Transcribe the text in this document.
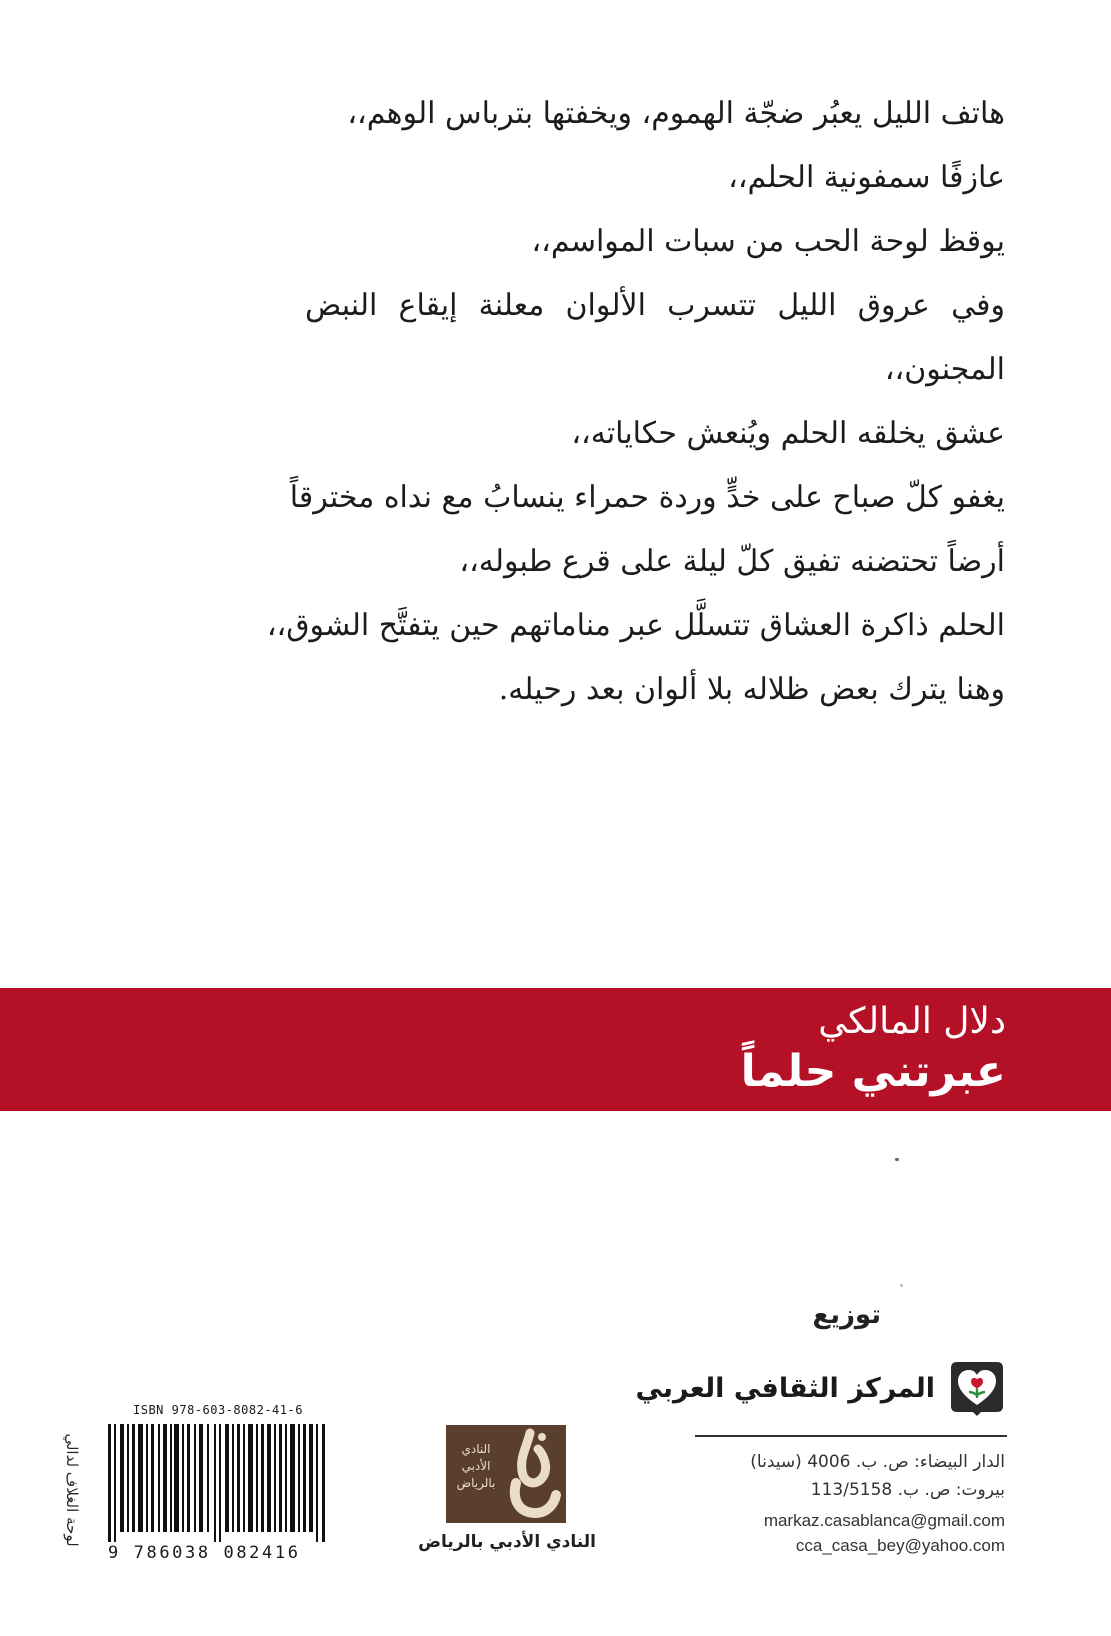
هاتف الليل يعبُر ضجّة الهموم، ويخفتها بترباس الوهم،،
عازفًا سمفونية الحلم،،
يوقظ لوحة الحب من سبات المواسم،،
وفي عروق الليل تتسرب الألوان معلنة إيقاع النبض
المجنون،،
عشق يخلقه الحلم ويُنعش حكاياته،،
يغفو كلّ صباح على خدٍّ وردة حمراء ينسابُ مع نداه مخترقاً
أرضاً تحتضنه تفيق كلّ ليلة على قرع طبوله،،
الحلم ذاكرة العشاق تتسلَّل عبر مناماتهم حين يتفتَّح الشوق،،
وهنا يترك بعض ظلاله بلا ألوان بعد رحيله.
دلال المالكي
عبرتني حلماً
توزيع
المركز الثقافي العربي
الدار البيضاء: ص. ب. 4006 (سيدنا)
بيروت: ص. ب. 113/5158
markaz.casablanca@gmail.com
cca_casa_bey@yahoo.com
النادي
الأدبي
بالرياض
النادي الأدبي بالرياض
ISBN 978-603-8082-41-6
9 786038 082416
لوحة الغلاف لدالي
